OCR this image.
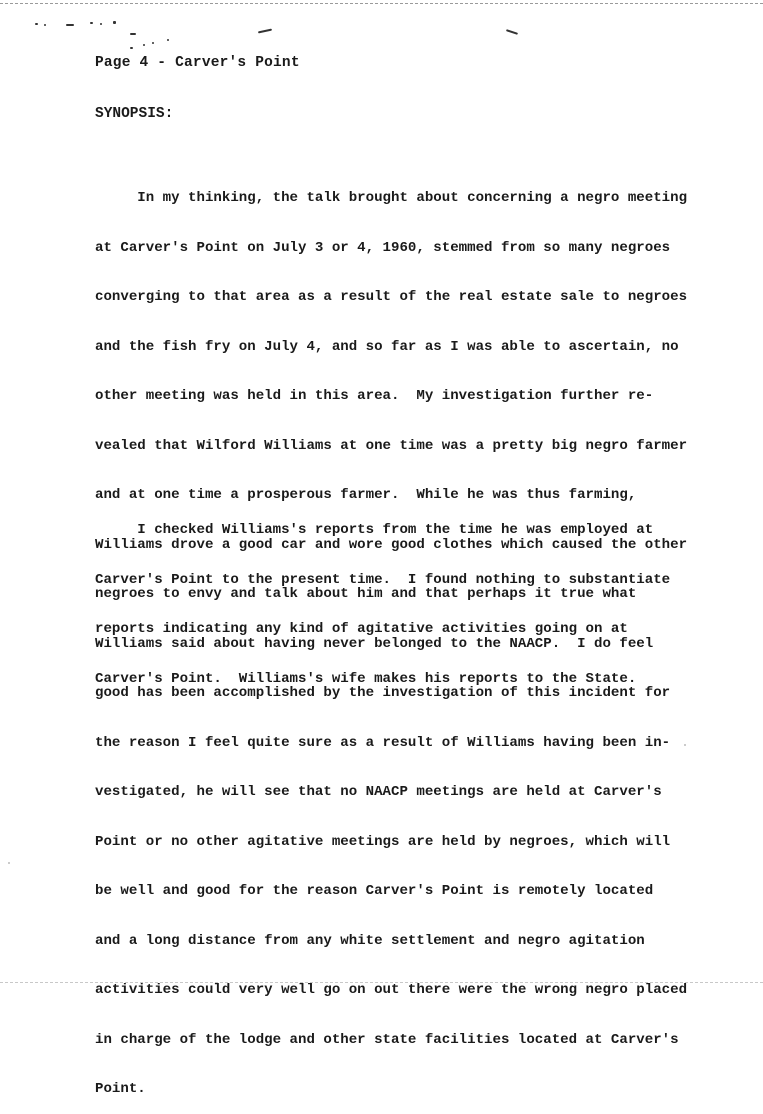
Page 4 - Carver's Point
SYNOPSIS:

In my thinking, the talk brought about concerning a negro meeting

at Carver's Point on July 3 or 4, 1960, stemmed from so many negroes

converging to that area as a result of the real estate sale to negroes

and the fish fry on July 4, and so far as I was able to ascertain, no

other meeting was held in this area.  My investigation further re-

vealed that Wilford Williams at one time was a pretty big negro farmer

and at one time a prosperous farmer.  While he was thus farming,

Williams drove a good car and wore good clothes which caused the other

negroes to envy and talk about him and that perhaps it true what

Williams said about having never belonged to the NAACP.  I do feel

good has been accomplished by the investigation of this incident for

the reason I feel quite sure as a result of Williams having been in-

vestigated, he will see that no NAACP meetings are held at Carver's

Point or no other agitative meetings are held by negroes, which will

be well and good for the reason Carver's Point is remotely located

and a long distance from any white settlement and negro agitation

activities could very well go on out there were the wrong negro placed

in charge of the lodge and other state facilities located at Carver's

Point.

I checked Williams's reports from the time he was employed at

Carver's Point to the present time.  I found nothing to substantiate

reports indicating any kind of agitative activities going on at

Carver's Point.  Williams's wife makes his reports to the State.
